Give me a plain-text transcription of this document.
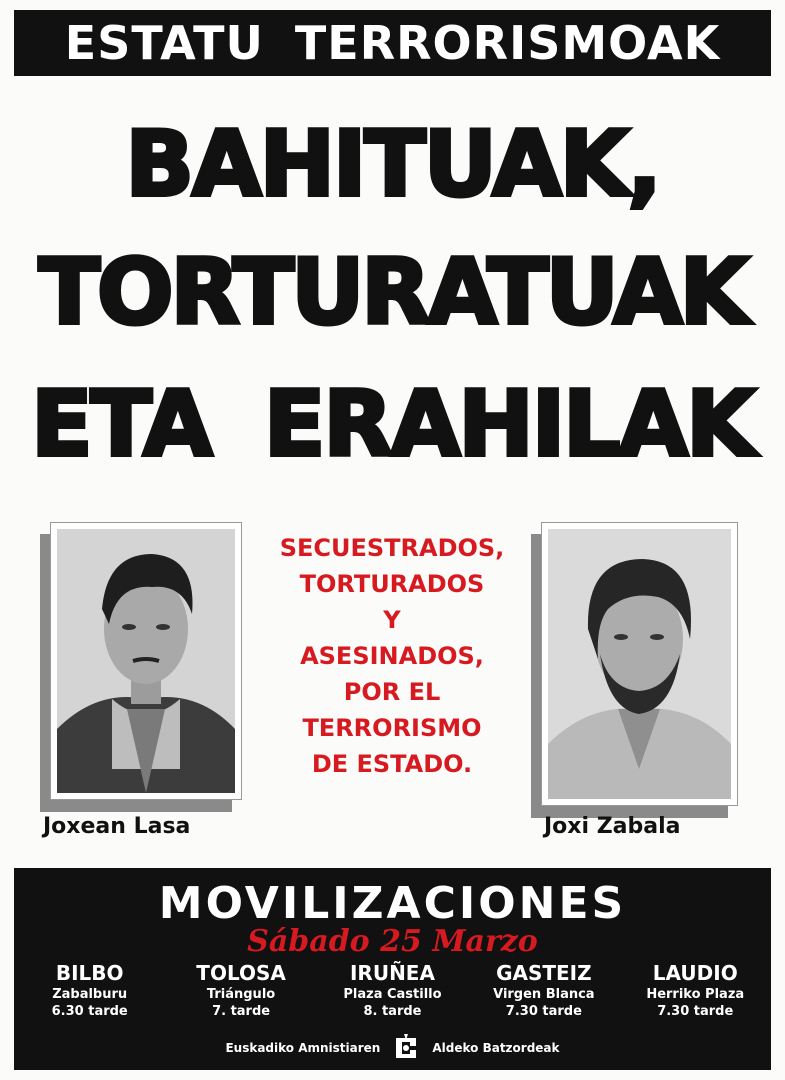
ESTATU TERRORISMOAK
BAHITUAK,
TORTURATUAK
ETA ERAHILAK
Joxean Lasa	Joxi Zabala
SECUESTRADOS,
TORTURADOS
Y
ASESINADOS,
POR EL
TERRORISMO
DE ESTADO.
MOVILIZACIONES
Sábado 25 Marzo
BILBO
Zabalburu
6.30 tarde
TOLOSA
Triángulo
7. tarde
IRUÑEA
Plaza Castillo
8. tarde
GASTEIZ
Virgen Blanca
7.30 tarde
LAUDIO
Herriko Plaza
7.30 tarde
Euskadiko Amnistiaren	Aldeko Batzordeak
